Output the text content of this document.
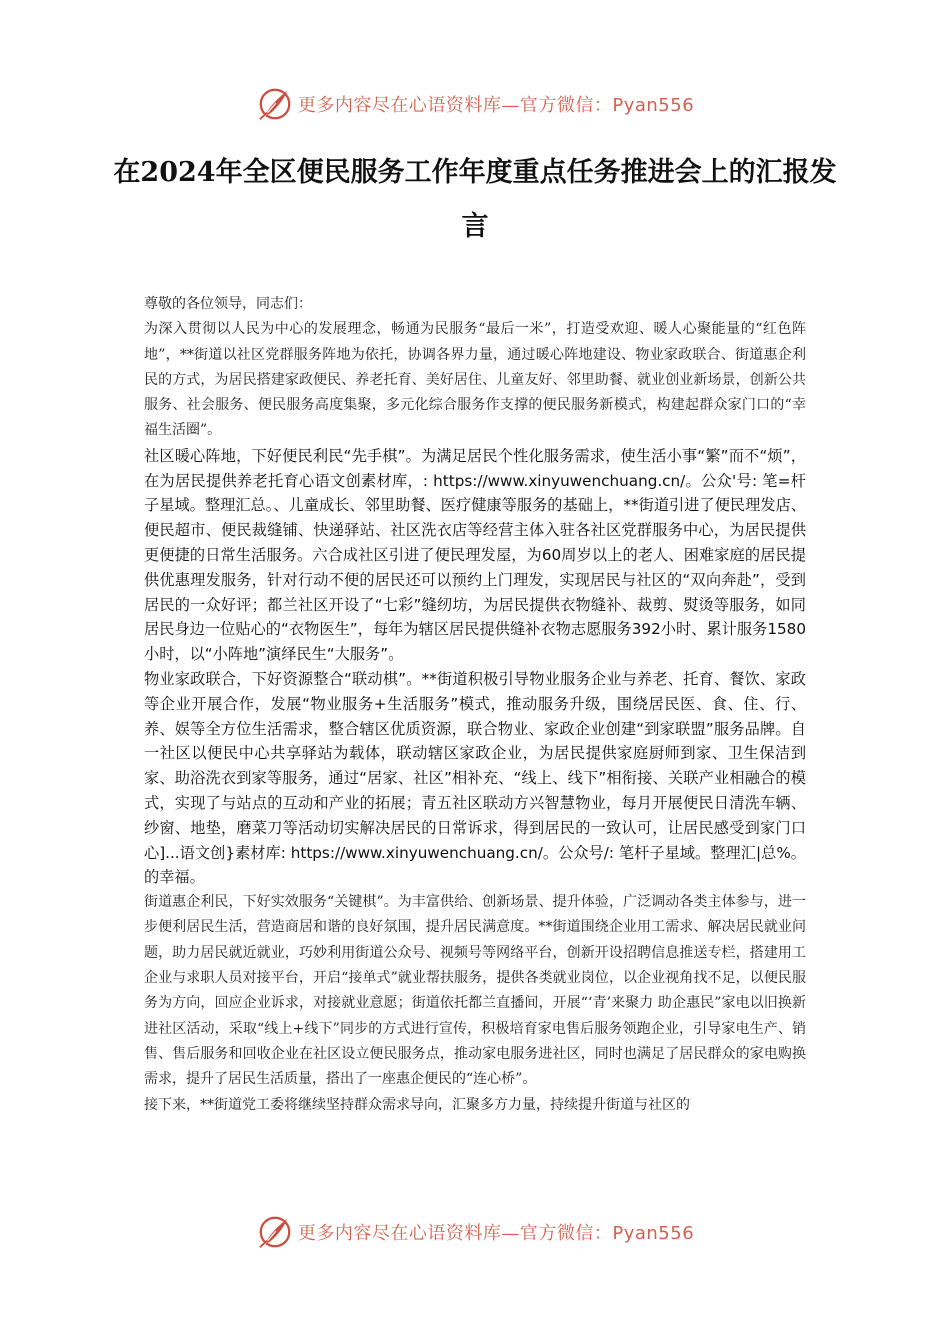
更多内容尽在心语资料库—官方微信：Pyan556
在2024年全区便民服务工作年度重点任务推进会上的汇报发言

尊敬的各位领导，同志们：

为深入贯彻以人民为中心的发展理念，畅通为民服务“最后一米”，打造受欢迎、暖人心聚能量的“红色阵地”，**街道以社区党群服务阵地为依托，协调各界力量，通过暖心阵地建设、物业家政联合、街道惠企利民的方式，为居民搭建家政便民、养老托育、美好居住、儿童友好、邻里助餐、就业创业新场景，创新公共服务、社会服务、便民服务高度集聚，多元化综合服务作支撑的便民服务新模式，构建起群众家门口的“幸福生活圈”。

社区暖心阵地，下好便民利民“先手棋”。为满足居民个性化服务需求，使生活小事“繁”而不“烦”，在为居民提供养老托育心语文创素材库，: https://www.xinyuwenchuang.cn/。公众'号: 笔=杆子星域。整理汇总。、儿童成长、邻里助餐、医疗健康等服务的基础上，**街道引进了便民理发店、便民超市、便民裁缝铺、快递驿站、社区洗衣店等经营主体入驻各社区党群服务中心，为居民提供更便捷的日常生活服务。六合成社区引进了便民理发屋，为60周岁以上的老人、困难家庭的居民提供优惠理发服务，针对行动不便的居民还可以预约上门理发，实现居民与社区的“双向奔赴”，受到居民的一众好评；都兰社区开设了“七彩”缝纫坊，为居民提供衣物缝补、裁剪、熨烫等服务，如同居民身边一位贴心的“衣物医生”，每年为辖区居民提供缝补衣物志愿服务392小时、累计服务1580小时，以“小阵地”演绎民生“大服务”。

物业家政联合，下好资源整合“联动棋”。**街道积极引导物业服务企业与养老、托育、餐饮、家政等企业开展合作，发展“物业服务+生活服务”模式，推动服务升级，围绕居民医、食、住、行、养、娱等全方位生活需求，整合辖区优质资源，联合物业、家政企业创建“到家联盟”服务品牌。自一社区以便民中心共享驿站为载体，联动辖区家政企业，为居民提供家庭厨师到家、卫生保洁到家、助浴洗衣到家等服务，通过“居家、社区”相补充、“线上、线下”相衔接、关联产业相融合的模式，实现了与站点的互动和产业的拓展；青五社区联动方兴智慧物业，每月开展便民日清洗车辆、纱窗、地垫，磨菜刀等活动切实解决居民的日常诉求，得到居民的一致认可，让居民感受到家门口心]...语文创}素材库: https://www.xinyuwenchuang.cn/。公众号/: 笔杆子星域。整理汇|总%。的幸福。

街道惠企利民，下好实效服务“关键棋”。为丰富供给、创新场景、提升体验，广泛调动各类主体参与，进一步便利居民生活，营造商居和谐的良好氛围，提升居民满意度。**街道围绕企业用工需求、解决居民就业问题，助力居民就近就业，巧妙利用街道公众号、视频号等网络平台，创新开设招聘信息推送专栏，搭建用工企业与求职人员对接平台，开启“接单式”就业帮扶服务，提供各类就业岗位，以企业视角找不足，以便民服务为方向，回应企业诉求，对接就业意愿；街道依托都兰直播间，开展“‘青’来聚力 助企惠民”家电以旧换新进社区活动，采取“线上+线下”同步的方式进行宣传，积极培育家电售后服务领跑企业，引导家电生产、销售、售后服务和回收企业在社区设立便民服务点，推动家电服务进社区，同时也满足了居民群众的家电购换需求，提升了居民生活质量，搭出了一座惠企便民的“连心桥”。

接下来，**街道党工委将继续坚持群众需求导向，汇聚多方力量，持续提升街道与社区的

更多内容尽在心语资料库—官方微信：Pyan556
